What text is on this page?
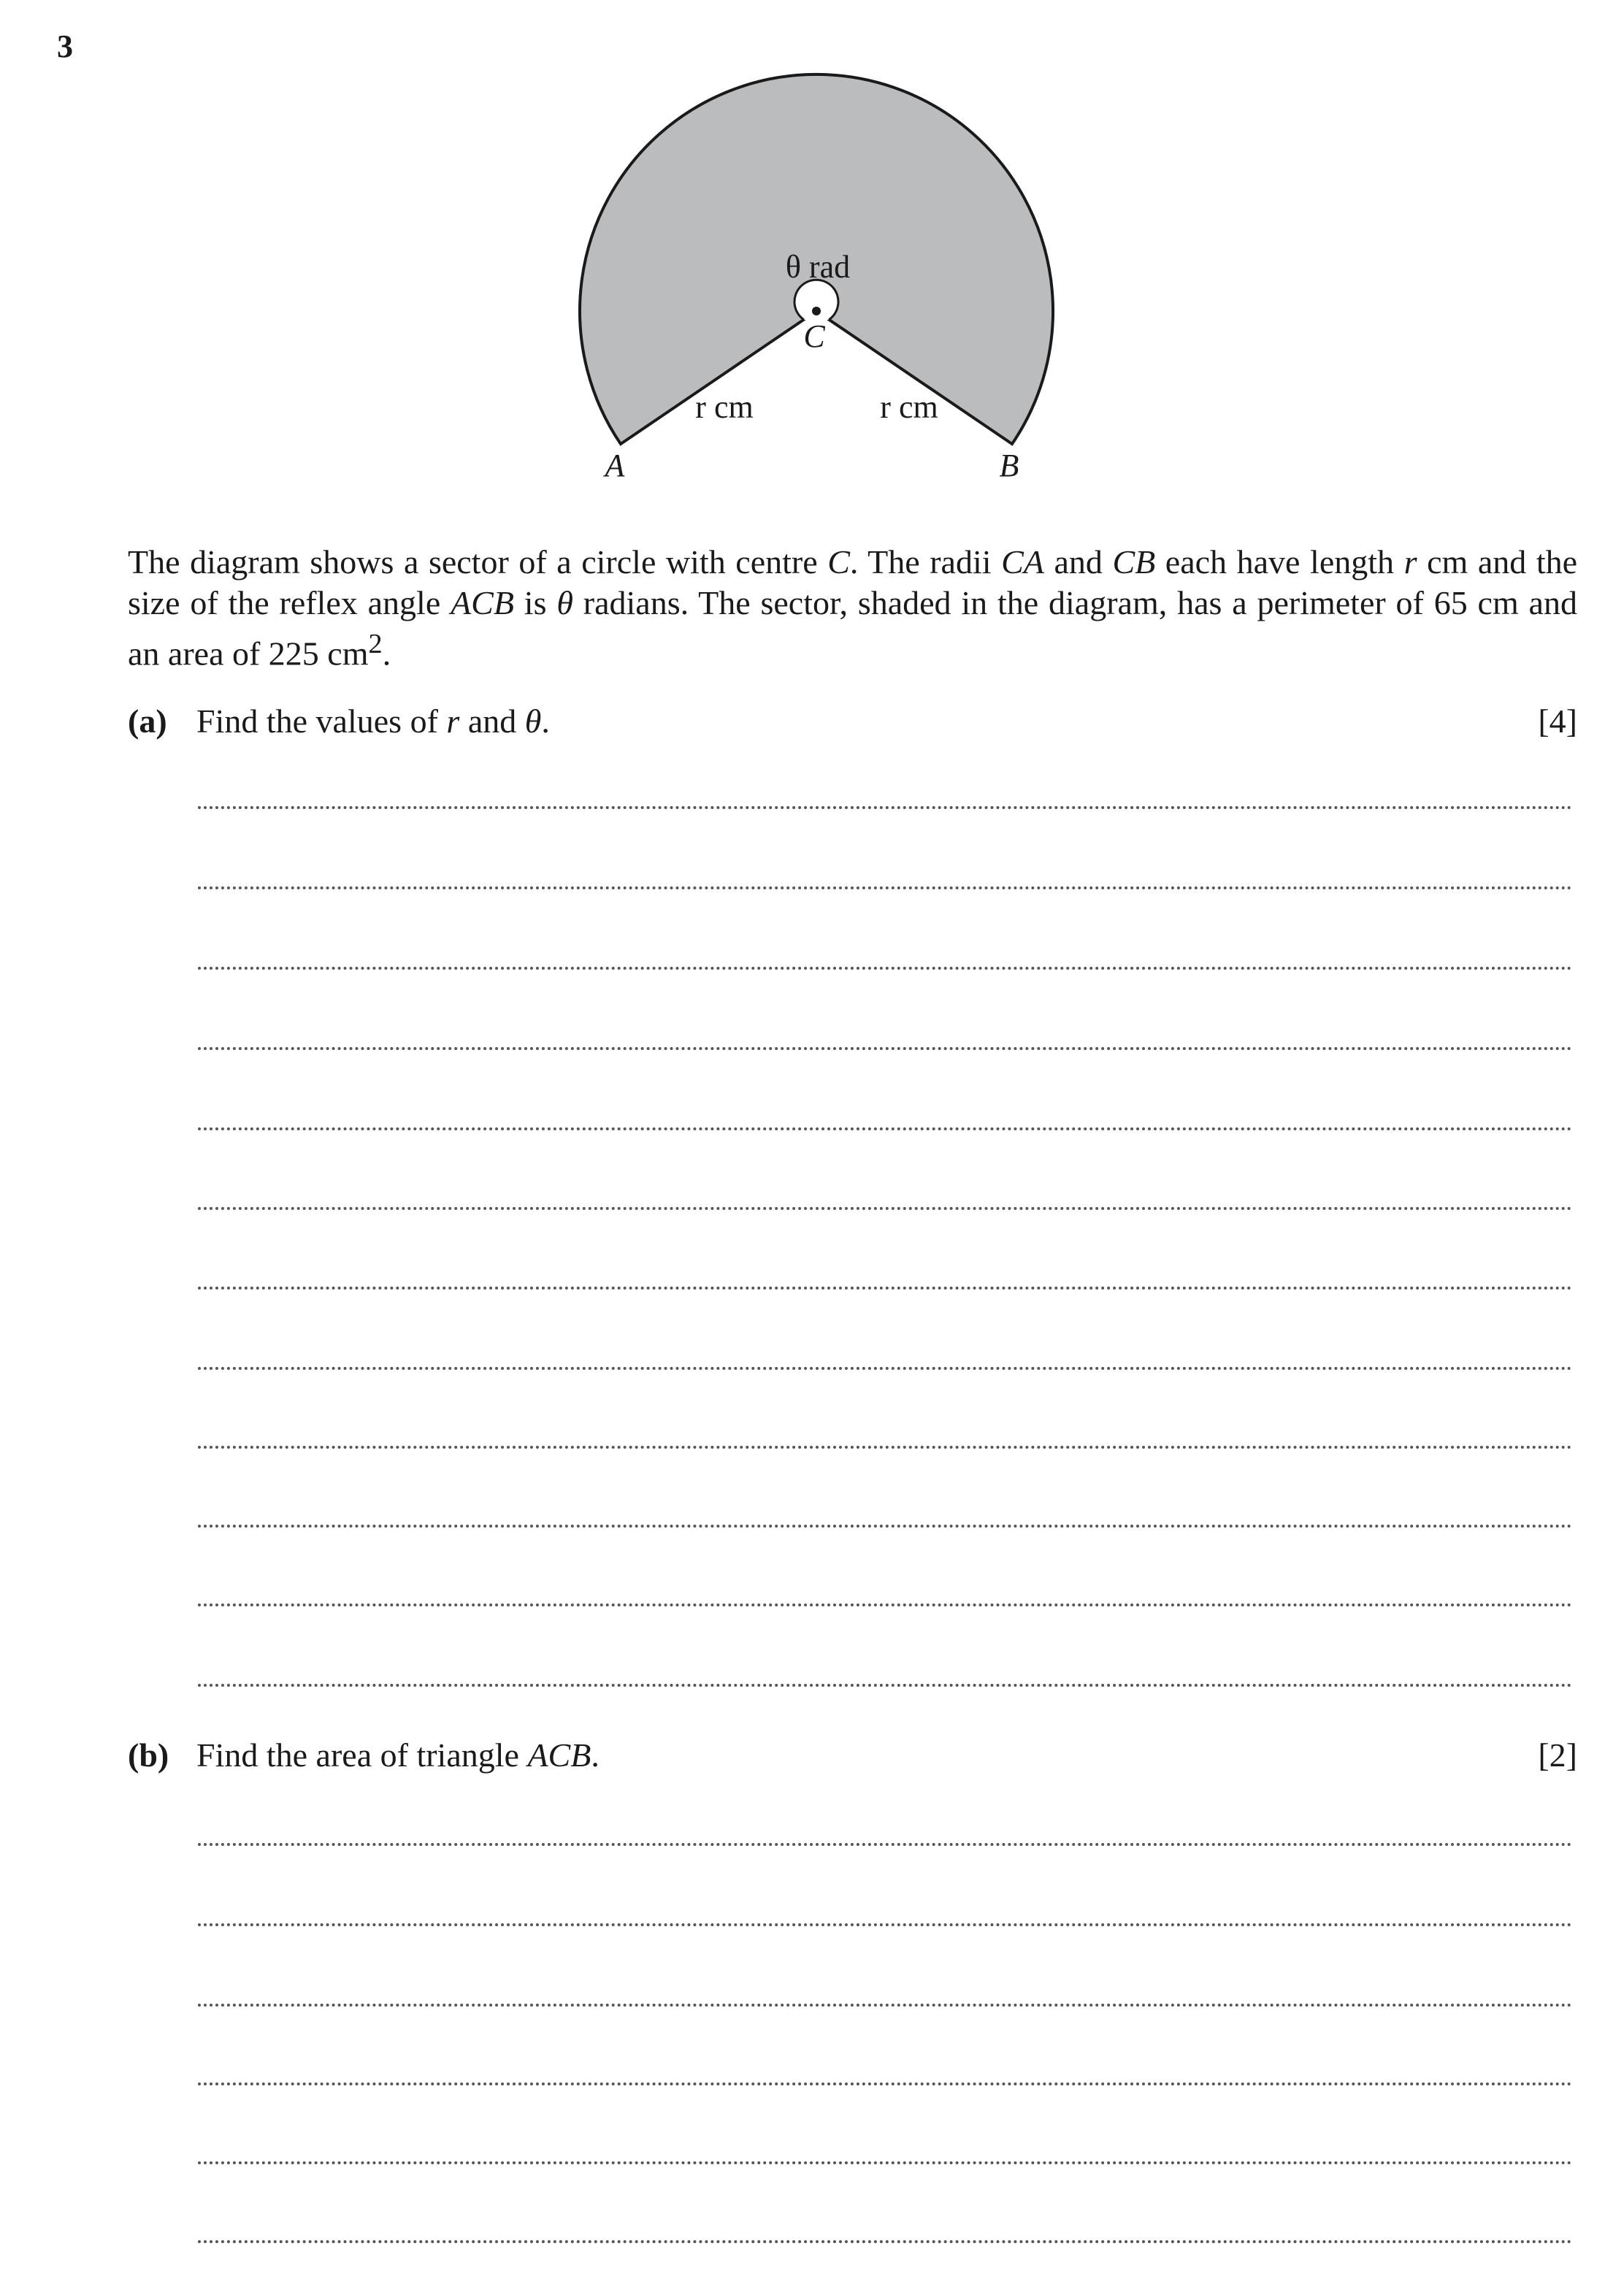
3
θ rad
C
r cm	r cm
A	B
The diagram shows a sector of a circle with centre C. The radii CA and CB each have length r cm and the size of the reflex angle ACB is θ radians. The sector, shaded in the diagram, has a perimeter of 65 cm and an area of 225 $cm^2$.
(a) Find the values of r and θ.	[4]
(b) Find the area of triangle ACB.	[2]
